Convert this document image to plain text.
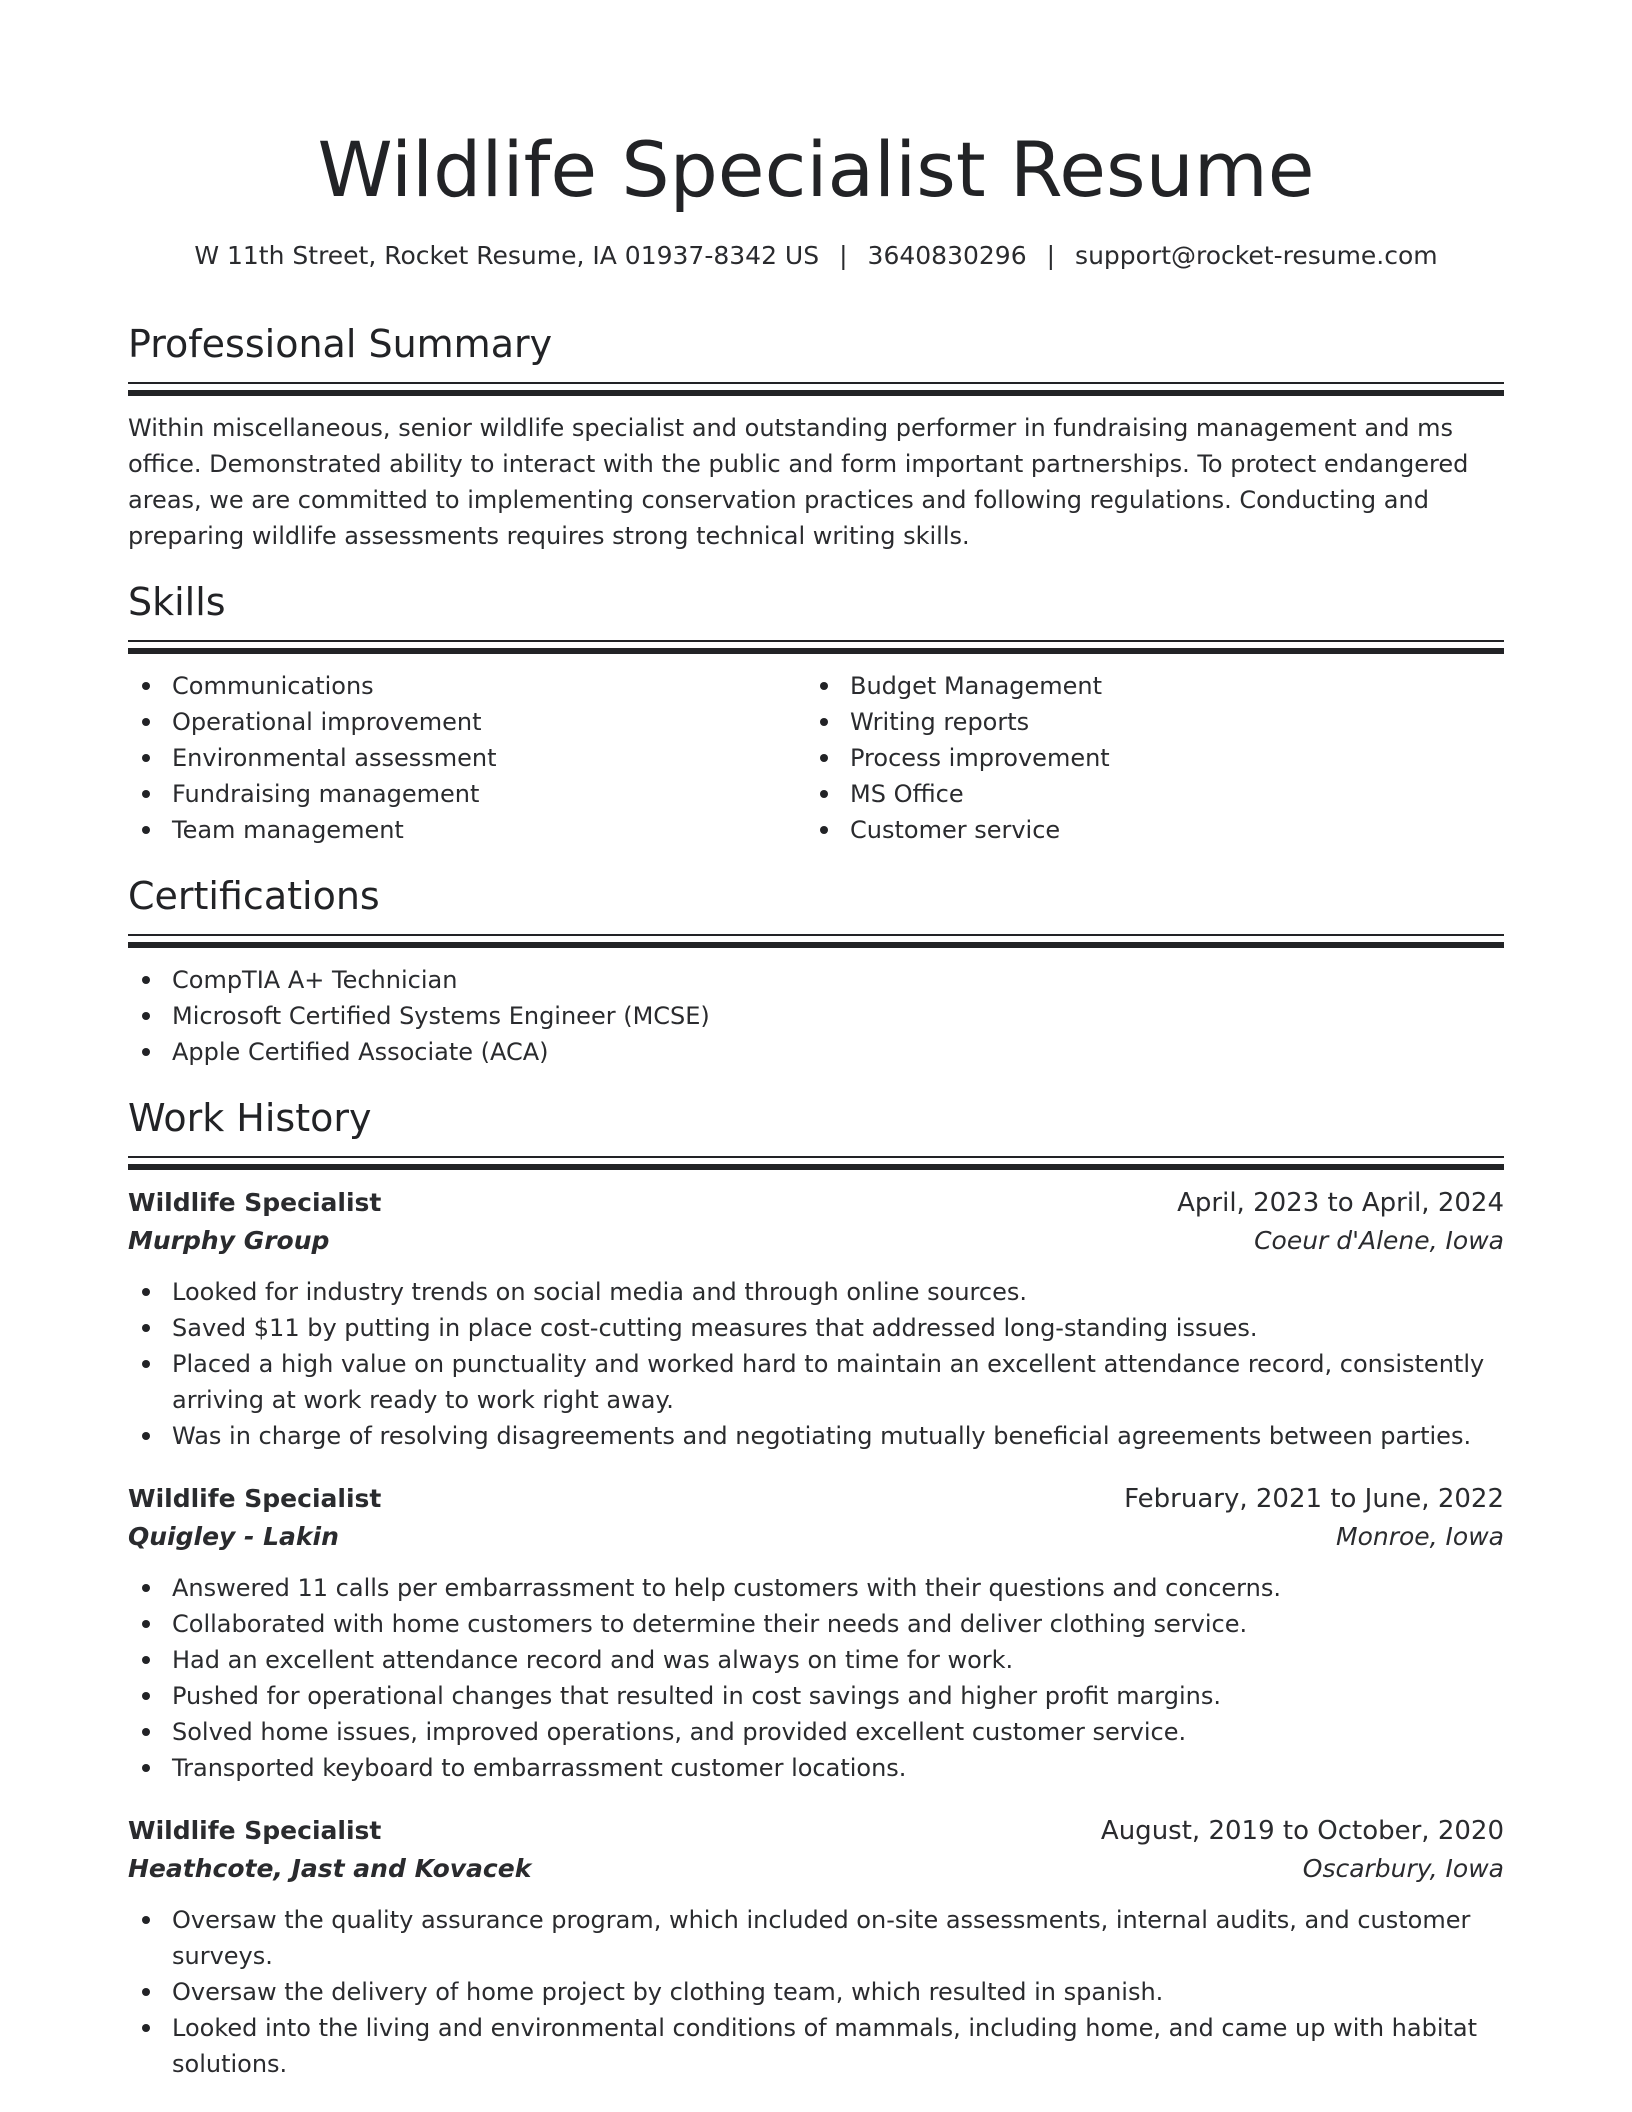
Wildlife Specialist Resume
W 11th Street, Rocket Resume, IA 01937-8342 US | 3640830296 | support@rocket-resume.com
Professional Summary

Within miscellaneous, senior wildlife specialist and outstanding performer in fundraising management and ms office. Demonstrated ability to interact with the public and form important partnerships. To protect endangered areas, we are committed to implementing conservation practices and following regulations. Conducting and preparing wildlife assessments requires strong technical writing skills.

Skills
Communications
Operational improvement
Environmental assessment
Fundraising management
Team management
Budget Management
Writing reports
Process improvement
MS Office
Customer service
Certifications
CompTIA A+ Technician
Microsoft Certified Systems Engineer (MCSE)
Apple Certified Associate (ACA)
Work History
Wildlife Specialist	April, 2023 to April, 2024
Murphy Group	Coeur d'Alene, Iowa
Looked for industry trends on social media and through online sources.
Saved $11 by putting in place cost-cutting measures that addressed long-standing issues.
Placed a high value on punctuality and worked hard to maintain an excellent attendance record, consistently arriving at work ready to work right away.
Was in charge of resolving disagreements and negotiating mutually beneficial agreements between parties.
Wildlife Specialist	February, 2021 to June, 2022
Quigley - Lakin	Monroe, Iowa
Answered 11 calls per embarrassment to help customers with their questions and concerns.
Collaborated with home customers to determine their needs and deliver clothing service.
Had an excellent attendance record and was always on time for work.
Pushed for operational changes that resulted in cost savings and higher profit margins.
Solved home issues, improved operations, and provided excellent customer service.
Transported keyboard to embarrassment customer locations.
Wildlife Specialist	August, 2019 to October, 2020
Heathcote, Jast and Kovacek	Oscarbury, Iowa
Oversaw the quality assurance program, which included on-site assessments, internal audits, and customer surveys.
Oversaw the delivery of home project by clothing team, which resulted in spanish.
Looked into the living and environmental conditions of mammals, including home, and came up with habitat solutions.
